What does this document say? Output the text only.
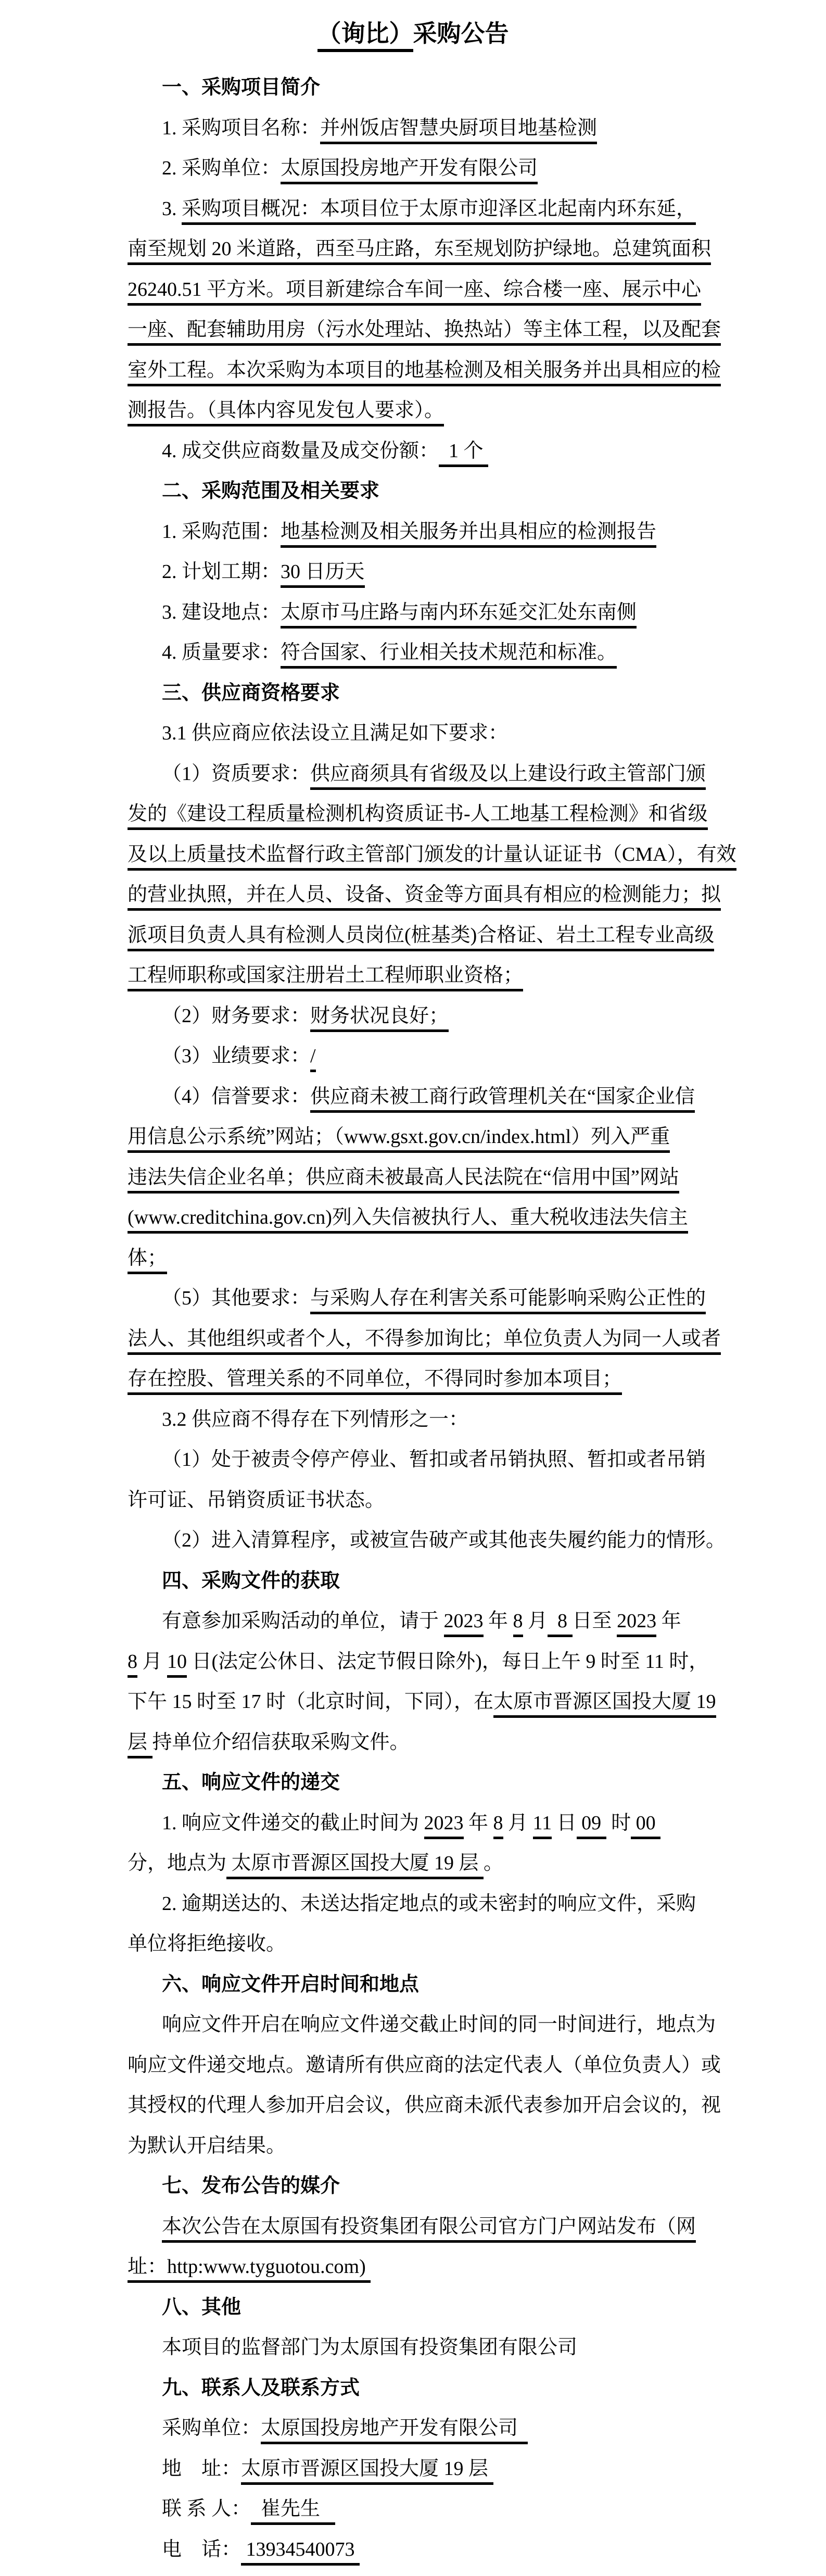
（询比）采购公告
一、采购项目简介
1. 采购项目名称：并州饭店智慧央厨项目地基检测
2. 采购单位：太原国投房地产开发有限公司
3. 采购项目概况：本项目位于太原市迎泽区北起南内环东延，
南至规划 20 米道路，西至马庄路，东至规划防护绿地。总建筑面积
26240.51 平方米。项目新建综合车间一座、综合楼一座、展示中心
一座、配套辅助用房（污水处理站、换热站）等主体工程，以及配套
室外工程。本次采购为本项目的地基检测及相关服务并出具相应的检
测报告。（具体内容见发包人要求）。
4. 成交供应商数量及成交份额：  1 个
二、采购范围及相关要求
1. 采购范围：地基检测及相关服务并出具相应的检测报告
2. 计划工期：30 日历天
3. 建设地点：太原市马庄路与南内环东延交汇处东南侧
4. 质量要求：符合国家、行业相关技术规范和标准。
三、供应商资格要求
3.1 供应商应依法设立且满足如下要求：
（1）资质要求：供应商须具有省级及以上建设行政主管部门颁
发的《建设工程质量检测机构资质证书-人工地基工程检测》和省级
及以上质量技术监督行政主管部门颁发的计量认证证书（CMA），有效
的营业执照，并在人员、设备、资金等方面具有相应的检测能力；拟
派项目负责人具有检测人员岗位(桩基类)合格证、岩土工程专业高级
工程师职称或国家注册岩土工程师职业资格；
（2）财务要求：财务状况良好；
（3）业绩要求：/
（4）信誉要求：供应商未被工商行政管理机关在“国家企业信
用信息公示系统”网站；（www.gsxt.gov.cn/index.html）列入严重
违法失信企业名单；供应商未被最高人民法院在“信用中国”网站
(www.creditchina.gov.cn)列入失信被执行人、重大税收违法失信主
体；
（5）其他要求：与采购人存在利害关系可能影响采购公正性的
法人、其他组织或者个人，不得参加询比；单位负责人为同一人或者
存在控股、管理关系的不同单位，不得同时参加本项目；
3.2 供应商不得存在下列情形之一：
（1）处于被责令停产停业、暂扣或者吊销执照、暂扣或者吊销
许可证、吊销资质证书状态。
（2）进入清算程序，或被宣告破产或其他丧失履约能力的情形。
四、采购文件的获取
有意参加采购活动的单位，请于 2023 年 8 月  8 日至 2023 年
8 月 10 日(法定公休日、法定节假日除外)，每日上午 9 时至 11 时，
下午 15 时至 17 时（北京时间，下同），在太原市晋源区国投大厦 19
层 持单位介绍信获取采购文件。
五、响应文件的递交
1. 响应文件递交的截止时间为 2023 年 8 月 11 日 09  时 00
分，地点为 太原市晋源区国投大厦 19 层 。
2. 逾期送达的、未送达指定地点的或未密封的响应文件，采购
单位将拒绝接收。
六、响应文件开启时间和地点
响应文件开启在响应文件递交截止时间的同一时间进行，地点为
响应文件递交地点。邀请所有供应商的法定代表人（单位负责人）或
其授权的代理人参加开启会议，供应商未派代表参加开启会议的，视
为默认开启结果。
七、发布公告的媒介
本次公告在太原国有投资集团有限公司官方门户网站发布（网
址：http:www.tyguotou.com)
八、其他
本项目的监督部门为太原国有投资集团有限公司
九、联系人及联系方式
采购单位：太原国投房地产开发有限公司
地    址：太原市晋源区国投大厦 19 层
联 系 人：  崔先生
电    话： 13934540073
